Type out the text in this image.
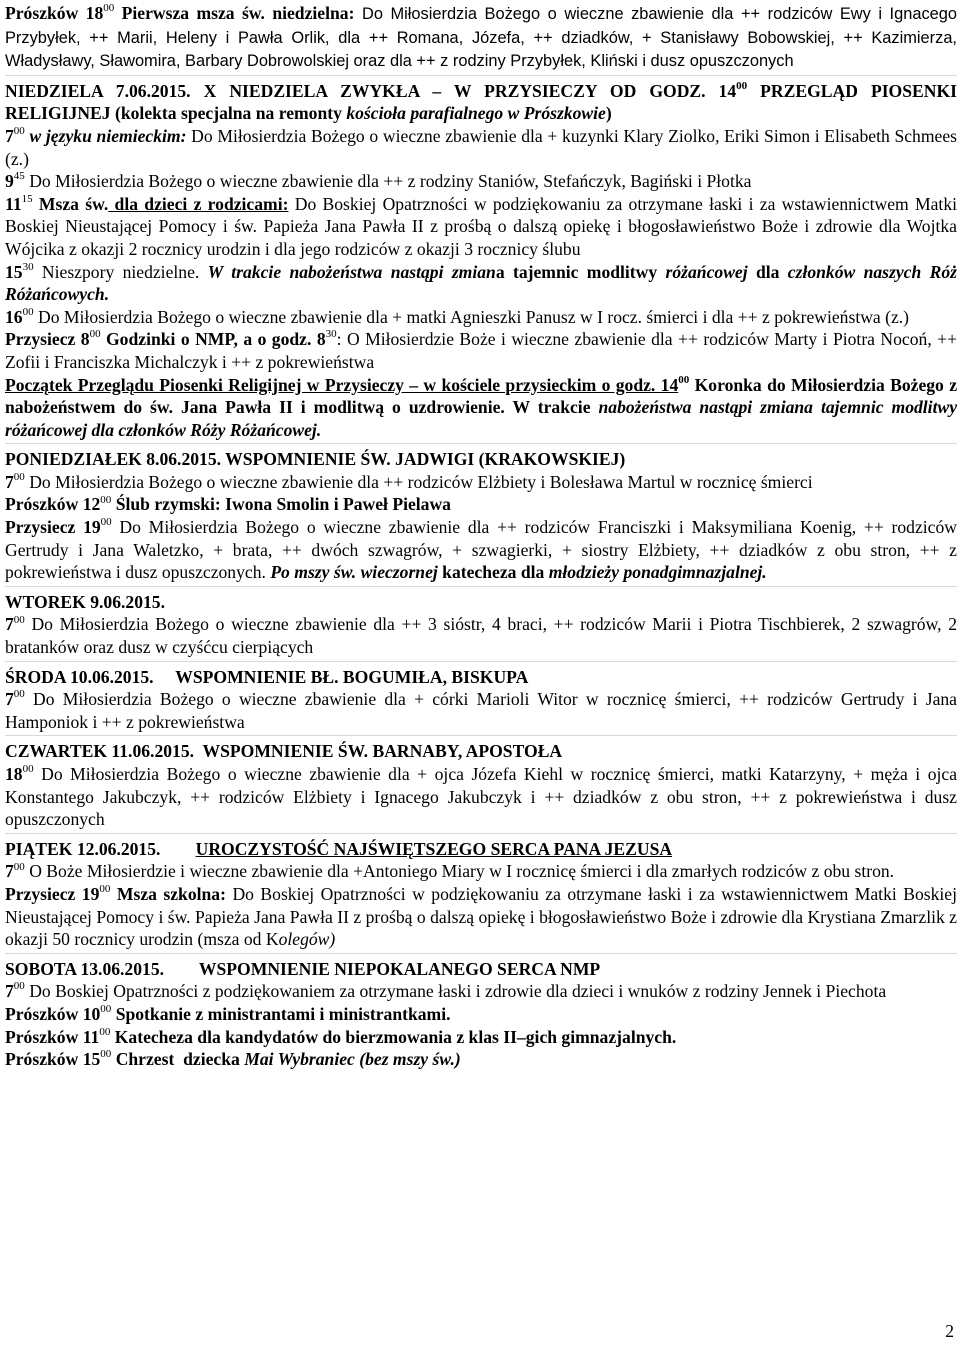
Prószków $18^{00}$ Pierwsza msza św. niedzielna: Do Miłosierdzia Bożego o wieczne zbawienie dla ++ rodziców Ewy i Ignacego Przybyłek, ++ Marii, Heleny i Pawła Orlik, dla ++ Romana, Józefa, ++ dziadków, + Stanisławy Bobowskiej, ++ Kazimierza, Władysławy, Sławomira, Barbary Dobrowolskiej oraz dla ++ z rodziny Przybyłek, Kliński i dusz opuszczonych

NIEDZIELA 7.06.2015. X NIEDZIELA ZWYKŁA – W PRZYSIECZY OD GODZ. $14^{00}$ PRZEGLĄD PIOSENKI RELIGIJNEJ (kolekta specjalna na remonty kościoła parafialnego w Prószkowie)

$7^{00}$ w języku niemieckim: Do Miłosierdzia Bożego o wieczne zbawienie dla + kuzynki Klary Ziolko, Eriki Simon i Elisabeth Schmees (z.)

$9^{45}$ Do Miłosierdzia Bożego o wieczne zbawienie dla ++ z rodziny Staniów, Stefańczyk, Bagiński i Płotka

$11^{15}$ Msza św. dla dzieci z rodzicami: Do Boskiej Opatrzności w podziękowaniu za otrzymane łaski i za wstawiennictwem Matki Boskiej Nieustającej Pomocy i św. Papieża Jana Pawła II z prośbą o dalszą opiekę i błogosławieństwo Boże i zdrowie dla Wojtka Wójcika z okazji 2 rocznicy urodzin i dla jego rodziców z okazji 3 rocznicy ślubu

$15^{30}$ Nieszpory niedzielne. W trakcie nabożeństwa nastąpi zmiana tajemnic modlitwy różańcowej dla członków naszych Róż Różańcowych.

$16^{00}$ Do Miłosierdzia Bożego o wieczne zbawienie dla + matki Agnieszki Panusz w I rocz. śmierci i dla ++ z pokrewieństwa (z.)

Przysiecz $8^{00}$ Godzinki o NMP, a o godz. $8^{30}$: O Miłosierdzie Boże i wieczne zbawienie dla ++ rodziców Marty i Piotra Nocoń, ++ Zofii i Franciszka Michalczyk i ++ z pokrewieństwa

Początek Przeglądu Piosenki Religijnej w Przysieczy – w kościele przysieckim o godz. $14^{00}$ Koronka do Miłosierdzia Bożego z nabożeństwem do św. Jana Pawła II i modlitwą o uzdrowienie. W trakcie nabożeństwa nastąpi zmiana tajemnic modlitwy różańcowej dla członków Róży Różańcowej.

PONIEDZIAŁEK 8.06.2015. WSPOMNIENIE ŚW. JADWIGI (KRAKOWSKIEJ)

$7^{00}$ Do Miłosierdzia Bożego o wieczne zbawienie dla ++ rodziców Elżbiety i Bolesława Martul w rocznicę śmierci

Prószków $12^{00}$ Ślub rzymski: Iwona Smolin i Paweł Pielawa

Przysiecz $19^{00}$ Do Miłosierdzia Bożego o wieczne zbawienie dla ++ rodziców Franciszki i Maksymiliana Koenig, ++ rodziców Gertrudy i Jana Waletzko, + brata, ++ dwóch szwagrów, + szwagierki, + siostry Elżbiety, ++ dziadków z obu stron, ++ z pokrewieństwa i dusz opuszczonych. Po mszy św. wieczornej katecheza dla młodzieży ponadgimnazjalnej.

WTOREK 9.06.2015.

$7^{00}$ Do Miłosierdzia Bożego o wieczne zbawienie dla ++ 3 sióstr, 4 braci, ++ rodziców Marii i Piotra Tischbierek, 2 szwagrów, 2 bratanków oraz dusz w czyśćcu cierpiących

ŚRODA 10.06.2015.     WSPOMNIENIE BŁ. BOGUMIŁA, BISKUPA

$7^{00}$ Do Miłosierdzia Bożego o wieczne zbawienie dla + córki Marioli Witor w rocznicę śmierci, ++ rodziców Gertrudy i Jana Hamponiok i ++ z pokrewieństwa

CZWARTEK 11.06.2015.  WSPOMNIENIE ŚW. BARNABY, APOSTOŁA

$18^{00}$ Do Miłosierdzia Bożego o wieczne zbawienie dla + ojca Józefa Kiehl w rocznicę śmierci, matki Katarzyny, + męża i ojca Konstantego Jakubczyk, ++ rodziców Elżbiety i Ignacego Jakubczyk i ++ dziadków z obu stron, ++ z pokrewieństwa i dusz opuszczonych

PIĄTEK 12.06.2015.        UROCZYSTOŚĆ NAJŚWIĘTSZEGO SERCA PANA JEZUSA

$7^{00}$ O Boże Miłosierdzie i wieczne zbawienie dla +Antoniego Miary w I rocznicę śmierci i dla zmarłych rodziców z obu stron.

Przysiecz $19^{00}$ Msza szkolna: Do Boskiej Opatrzności w podziękowaniu za otrzymane łaski i za wstawiennictwem Matki Boskiej Nieustającej Pomocy i św. Papieża Jana Pawła II z prośbą o dalszą opiekę i błogosławieństwo Boże i zdrowie dla Krystiana Zmarzlik z okazji 50 rocznicy urodzin (msza od Kolegów)

SOBOTA 13.06.2015.        WSPOMNIENIE NIEPOKALANEGO SERCA NMP

$7^{00}$ Do Boskiej Opatrzności z podziękowaniem za otrzymane łaski i zdrowie dla dzieci i wnuków z rodziny Jennek i Piechota

Prószków $10^{00}$ Spotkanie z ministrantami i ministrantkami.

Prószków $11^{00}$ Katecheza dla kandydatów do bierzmowania z klas II–gich gimnazjalnych.

Prószków $15^{00}$ Chrzest  dziecka Mai Wybraniec (bez mszy św.)

2
